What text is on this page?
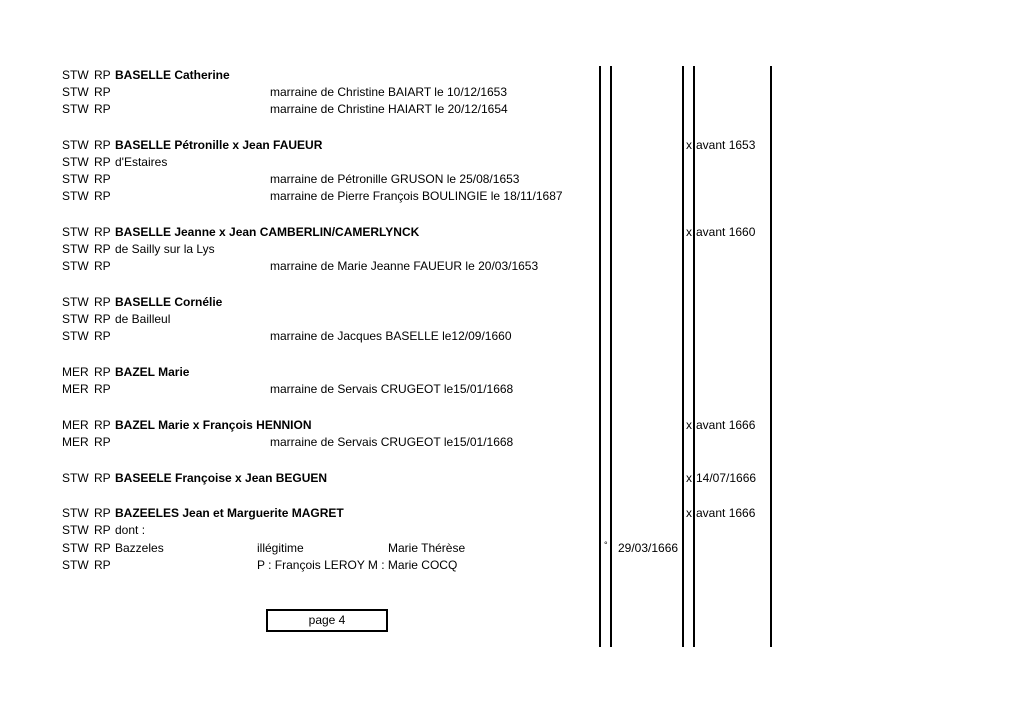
STW RP BASELLE Catherine
STW RP	marraine de Christine BAIART le 10/12/1653
STW RP	marraine de Christine HAIART le 20/12/1654
STW RP BASELLE Pétronille x Jean FAUEUR	x avant 1653
STW RP d'Estaires
STW RP	marraine de Pétronille GRUSON le 25/08/1653
STW RP	marraine de Pierre François BOULINGIE le 18/11/1687
STW RP BASELLE Jeanne x Jean CAMBERLIN/CAMERLYNCK	x avant 1660
STW RP de Sailly sur la Lys
STW RP	marraine de Marie Jeanne FAUEUR le 20/03/1653
STW RP BASELLE Cornélie
STW RP de Bailleul
STW RP	marraine de Jacques BASELLE le12/09/1660
MER RP BAZEL Marie
MER RP	marraine de Servais CRUGEOT le15/01/1668
MER RP BAZEL Marie x François HENNION	x avant 1666
MER RP	marraine de Servais CRUGEOT le15/01/1668
STW RP BASEELE Françoise x Jean BEGUEN	x 14/07/1666
STW RP BAZEELES Jean et Marguerite MAGRET	x avant 1666
STW RP dont :
STW RP Bazzeles	illégitime	Marie Thérèse	° 29/03/1666
STW RP	P : François LEROY M : Marie COCQ
page 4
